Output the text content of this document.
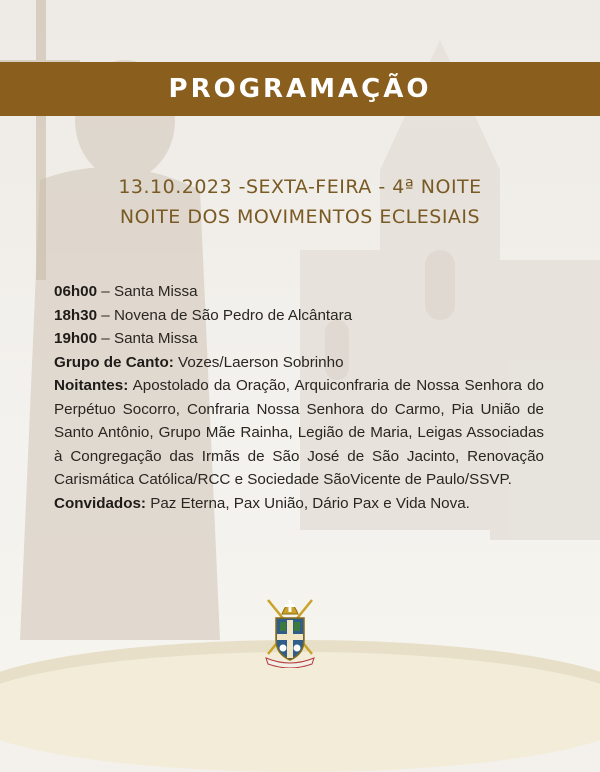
PROGRAMAÇÃO
13.10.2023 -SEXTA-FEIRA - 4ª NOITE
NOITE DOS MOVIMENTOS ECLESIAIS

06h00 – Santa Missa

18h30 – Novena de São Pedro de Alcântara

19h00 – Santa Missa

Grupo de Canto: Vozes/Laerson Sobrinho

Noitantes: Apostolado da Oração, Arquiconfraria de Nossa Senhora do Perpétuo Socorro, Confraria Nossa Senhora do Carmo, Pia União de Santo Antônio, Grupo Mãe Rainha, Legião de Maria, Leigas Associadas à Congregação das Irmãs de São José de São Jacinto, Renovação Carismática Católica/RCC e Sociedade SãoVicente de Paulo/SSVP.

Convidados: Paz Eterna, Pax União, Dário Pax e Vida Nova.
